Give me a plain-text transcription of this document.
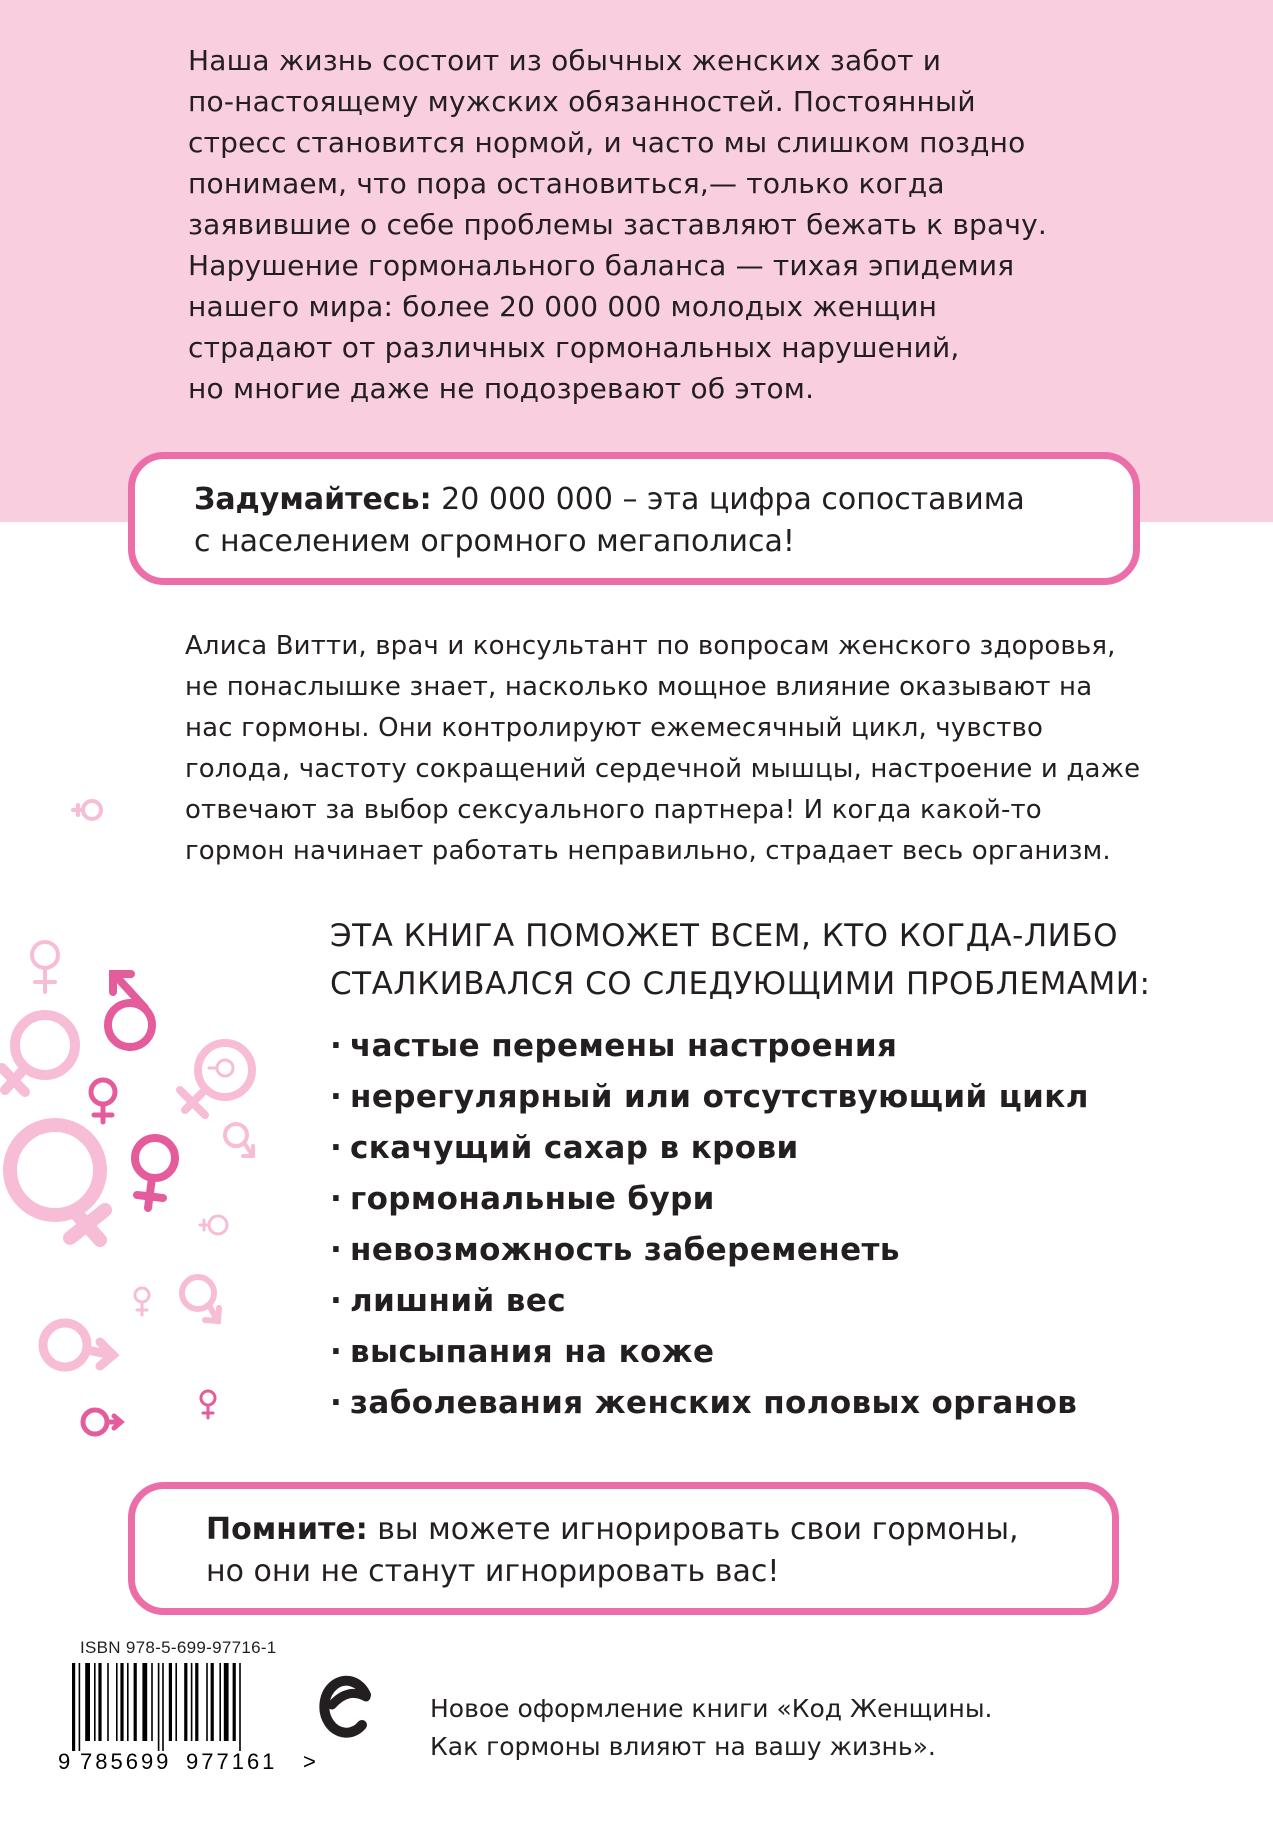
Наша жизнь состоит из обычных женских забот и

по-настоящему мужских обязанностей. Постоянный

стресс становится нормой, и часто мы слишком поздно

понимаем, что пора остановиться,— только когда

заявившие о себе проблемы заставляют бежать к врачу.

Нарушение гормонального баланса — тихая эпидемия

нашего мира: более 20 000 000 молодых женщин

страдают от различных гормональных нарушений,

но многие даже не подозревают об этом.

Задумайтесь: 20 000 000 – эта цифра сопоставима
с населением огромного мегаполиса!

Алиса Витти, врач и консультант по вопросам женского здоровья,

не понаслышке знает, насколько мощное влияние оказывают на

нас гормоны. Они контролируют ежемесячный цикл, чувство

голода, частоту сокращений сердечной мышцы, настроение и даже

отвечают за выбор сексуального партнера! И когда какой-то

гормон начинает работать неправильно, страдает весь организм.

ЭТА КНИГА ПОМОЖЕТ ВСЕМ, КТО КОГДА-ЛИБО
СТАЛКИВАЛСЯ СО СЛЕДУЮЩИМИ ПРОБЛЕМАМИ:
· частые перемены настроения
· нерегулярный или отсутствующий цикл
· скачущий сахар в крови
· гормональные бури
· невозможность забеременеть
· лишний вес
· высыпания на коже
· заболевания женских половых органов
Помните: вы можете игнорировать свои гормоны,
но они не станут игнорировать вас!
ISBN 978-5-699-97716-1
9 785699 977161 >
Новое оформление книги «Код Женщины.
Как гормоны влияют на вашу жизнь».
